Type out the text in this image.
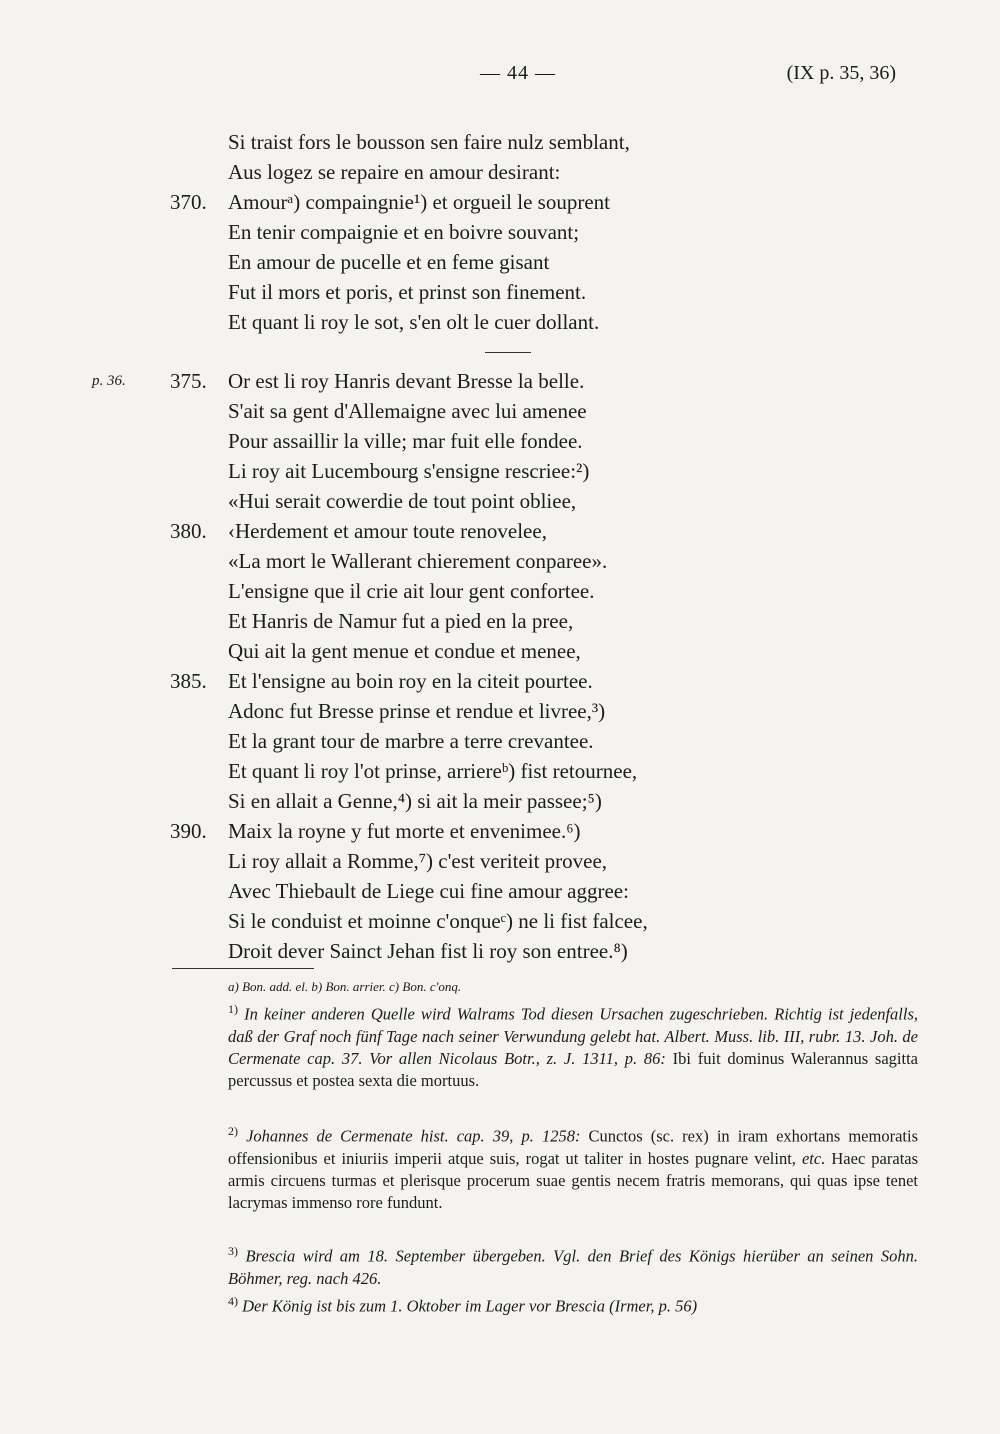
— 44 —	(IX p. 35, 36)
Si traist fors le bousson sen faire nulz semblant,
Aus logez se repaire en amour desirant:
370. Amourᵃ) compaingnie¹) et orgueil le souprent
En tenir compaignie et en boivre souvant;
En amour de pucelle et en feme gisant
Fut il mors et poris, et prinst son finement.
Et quant li roy le sot, s'en olt le cuer dollant.
p. 36. 375. Or est li roy Hanris devant Bresse la belle.
S'ait sa gent d'Allemaigne avec lui amenee
Pour assaillir la ville; mar fuit elle fondee.
Li roy ait Lucembourg s'ensigne rescriee:²)
«Hui serait cowerdie de tout point obliee,
380. ‹Herdement et amour toute renovelee,
«La mort le Wallerant chierement conparee».
L'ensigne que il crie ait lour gent confortee.
Et Hanris de Namur fut a pied en la pree,
Qui ait la gent menue et condue et menee,
385. Et l'ensigne au boin roy en la citeit pourtee.
Adonc fut Bresse prinse et rendue et livree,³)
Et la grant tour de marbre a terre crevantee.
Et quant li roy l'ot prinse, arriereᵇ) fist retournee,
Si en allait a Genne,⁴) si ait la meir passee;⁵)
390. Maix la royne y fut morte et envenimee.⁶)
Li roy allait a Romme,⁷) c'est veriteit provee,
Avec Thiebault de Liege cui fine amour aggree:
Si le conduist et moinne c'onqueᶜ) ne li fist falcee,
Droit dever Sainct Jehan fist li roy son entree.⁸)
a) Bon. add. el. b) Bon. arrier. c) Bon. c'onq.
$^{1)}$ In keiner anderen Quelle wird Walrams Tod diesen Ursachen zugeschrieben. Richtig ist jedenfalls, daß der Graf noch fünf Tage nach seiner Verwundung gelebt hat. Albert. Muss. lib. III, rubr. 13. Joh. de Cermenate cap. 37. Vor allen Nicolaus Botr., z. J. 1311, p. 86: Ibi fuit dominus Walerannus sagitta percussus et postea sexta die mortuus.
$^{2)}$ Johannes de Cermenate hist. cap. 39, p. 1258: Cunctos (sc. rex) in iram exhortans memoratis offensionibus et iniuriis imperii atque suis, rogat ut taliter in hostes pugnare velint, etc. Haec paratas armis circuens turmas et plerisque procerum suae gentis necem fratris memorans, qui quas ipse tenet lacrymas immenso rore fundunt.
$^{3)}$ Brescia wird am 18. September übergeben. Vgl. den Brief des Königs hierüber an seinen Sohn. Böhmer, reg. nach 426.
$^{4)}$ Der König ist bis zum 1. Oktober im Lager vor Brescia (Irmer, p. 56)
